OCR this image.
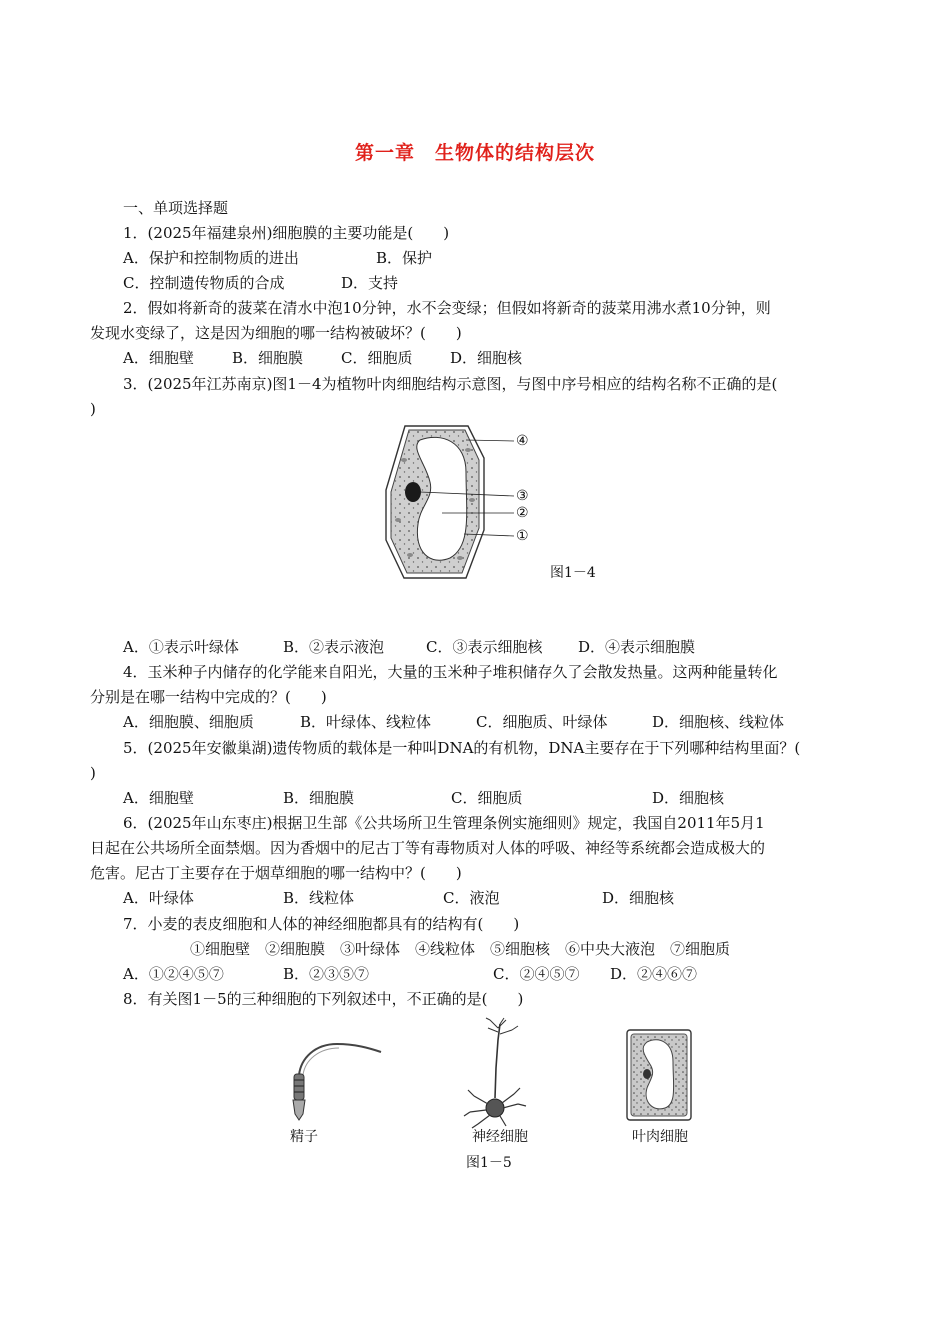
第一章　生物体的结构层次
一、单项选择题
1．(2025年福建泉州)细胞膜的主要功能是(　　)
A．保护和控制物质的进出	B．保护
C．控制遗传物质的合成	D．支持
2．假如将新奇的菠菜在清水中泡10分钟，水不会变绿；但假如将新奇的菠菜用沸水煮10分钟，则
发现水变绿了，这是因为细胞的哪一结构被破坏？(　　)
A．细胞壁	B．细胞膜	C．细胞质	D．细胞核
3．(2025年江苏南京)图1－4为植物叶肉细胞结构示意图，与图中序号相应的结构名称不正确的是(
)
④
③
②
①
图1－4
A．①表示叶绿体	B．②表示液泡	C．③表示细胞核 D．④表示细胞膜
4．玉米种子内储存的化学能来自阳光，大量的玉米种子堆积储存久了会散发热量。这两种能量转化
分别是在哪一结构中完成的？(　　)
A．细胞膜、细胞质	B．叶绿体、线粒体	C．细胞质、叶绿体	D．细胞核、线粒体
5．(2025年安徽巢湖)遗传物质的载体是一种叫DNA的有机物，DNA主要存在于下列哪种结构里面？(
)
A．细胞壁	B．细胞膜	C．细胞质	D．细胞核
6．(2025年山东枣庄)根据卫生部《公共场所卫生管理条例实施细则》规定，我国自2011年5月1
日起在公共场所全面禁烟。因为香烟中的尼古丁等有毒物质对人体的呼吸、神经等系统都会造成极大的
危害。尼古丁主要存在于烟草细胞的哪一结构中？(　　)
A．叶绿体	B．线粒体	C．液泡	D．细胞核
7．小麦的表皮细胞和人体的神经细胞都具有的结构有(　　)
①细胞壁　②细胞膜　③叶绿体　④线粒体　⑤细胞核　⑥中央大液泡　⑦细胞质
A．①②④⑤⑦	B．②③⑤⑦	C．②④⑤⑦ D．②④⑥⑦
8．有关图1－5的三种细胞的下列叙述中，不正确的是(　　)
精子	神经细胞	叶肉细胞
图1－5
